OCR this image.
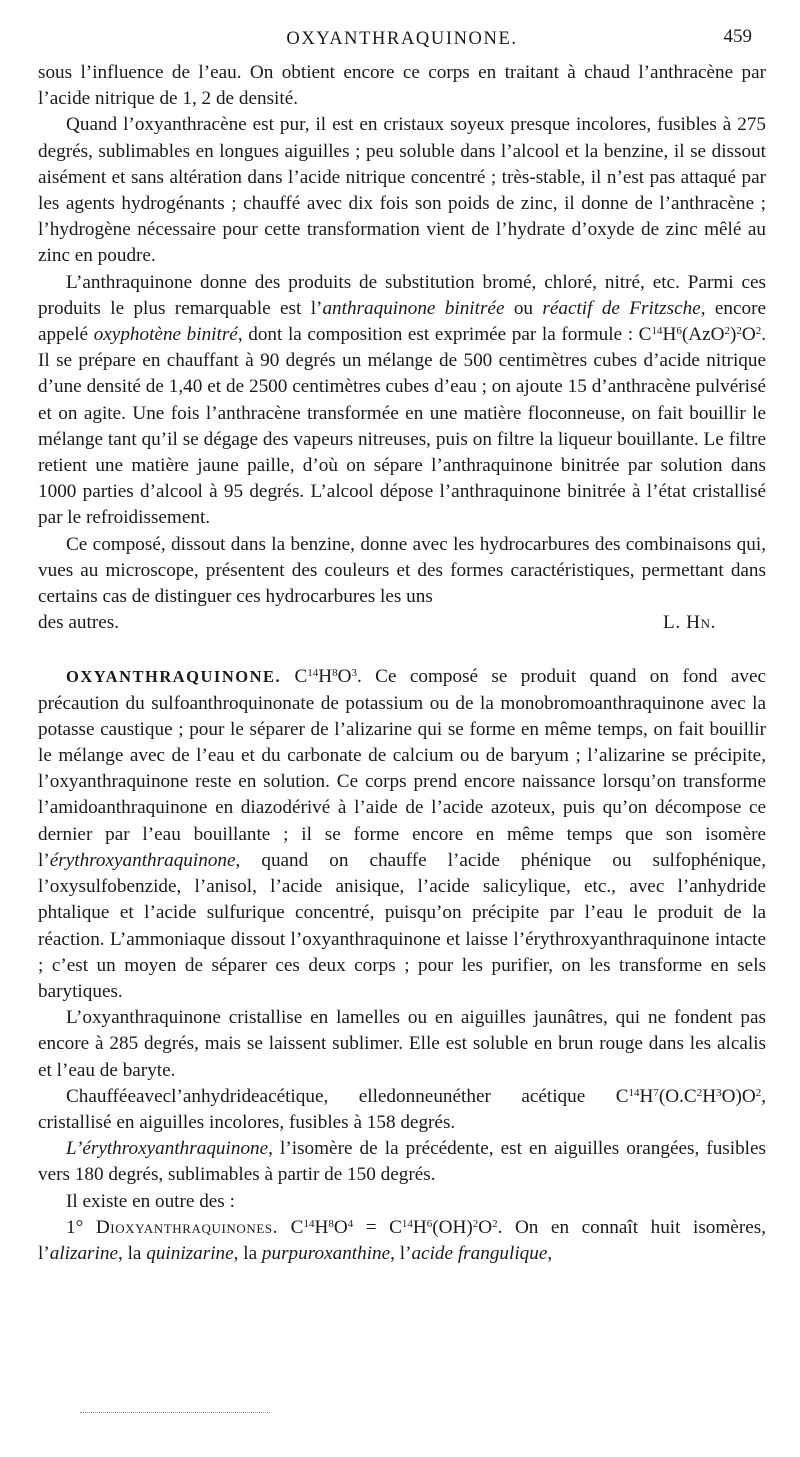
OXYANTHRAQUINONE.	459

sous l’influence de l’eau. On obtient encore ce corps en traitant à chaud l’anthracène par l’acide nitrique de 1, 2 de densité.

Quand l’oxyanthracène est pur, il est en cristaux soyeux presque incolores, fusibles à 275 degrés, sublimables en longues aiguilles ; peu soluble dans l’alcool et la benzine, il se dissout aisément et sans altération dans l’acide nitrique concentré ; très-stable, il n’est pas attaqué par les agents hydrogénants ; chauffé avec dix fois son poids de zinc, il donne de l’anthracène ; l’hydrogène nécessaire pour cette transformation vient de l’hydrate d’oxyde de zinc mêlé au zinc en poudre.

L’anthraquinone donne des produits de substitution bromé, chloré, nitré, etc. Parmi ces produits le plus remarquable est l’anthraquinone binitrée ou réactif de Fritzsche, encore appelé oxyphotène binitré, dont la composition est exprimée par la formule : $C^{14}H^6(AzO^2)^2O^2$. Il se prépare en chauffant à 90 degrés un mélange de 500 centimètres cubes d’acide nitrique d’une densité de 1,40 et de 2500 centimètres cubes d’eau ; on ajoute 15 d’anthracène pulvérisé et on agite. Une fois l’anthracène transformée en une matière floconneuse, on fait bouillir le mélange tant qu’il se dégage des vapeurs nitreuses, puis on filtre la liqueur bouillante. Le filtre retient une matière jaune paille, d’où on sépare l’anthraquinone binitrée par solution dans 1000 parties d’alcool à 95 degrés. L’alcool dépose l’anthraquinone binitrée à l’état cristallisé par le refroidissement.

Ce composé, dissout dans la benzine, donne avec les hydrocarbures des combinaisons qui, vues au microscope, présentent des couleurs et des formes caractéristiques, permettant dans certains cas de distinguer ces hydrocarbures les uns

des autres.	L. Hn.

OXYANTHRAQUINONE. $C^{14}H^8O^3$. Ce composé se produit quand on fond avec précaution du sulfoanthroquinonate de potassium ou de la monobromoanthraquinone avec la potasse caustique ; pour le séparer de l’alizarine qui se forme en même temps, on fait bouillir le mélange avec de l’eau et du carbonate de calcium ou de baryum ; l’alizarine se précipite, l’oxyanthraquinone reste en solution. Ce corps prend encore naissance lorsqu’on transforme l’amidoanthraquinone en diazodérivé à l’aide de l’acide azoteux, puis qu’on décompose ce dernier par l’eau bouillante ; il se forme encore en même temps que son isomère l’érythroxyanthraquinone, quand on chauffe l’acide phénique ou sulfophénique, l’oxysulfobenzide, l’anisol, l’acide anisique, l’acide salicylique, etc., avec l’anhydride phtalique et l’acide sulfurique concentré, puisqu’on précipite par l’eau le produit de la réaction. L’ammoniaque dissout l’oxyanthraquinone et laisse l’érythroxyanthraquinone intacte ; c’est un moyen de séparer ces deux corps ; pour les purifier, on les transforme en sels barytiques.

L’oxyanthraquinone cristallise en lamelles ou en aiguilles jaunâtres, qui ne fondent pas encore à 285 degrés, mais se laissent sublimer. Elle est soluble en brun rouge dans les alcalis et l’eau de baryte.

Chaufféeavecl’anhydrideacétique, elledonneunéther acétique $C^{14}H^7(O.C^2H^3O)O^2$, cristallisé en aiguilles incolores, fusibles à 158 degrés.

L’érythroxyanthraquinone, l’isomère de la précédente, est en aiguilles orangées, fusibles vers 180 degrés, sublimables à partir de 150 degrés.

Il existe en outre des :

1° Dioxyanthraquinones. $C^{14}H^8O^4 = C^{14}H^6(OH)^2O^2$. On en connaît huit isomères, l’alizarine, la quinizarine, la purpuroxanthine, l’acide frangulique,
